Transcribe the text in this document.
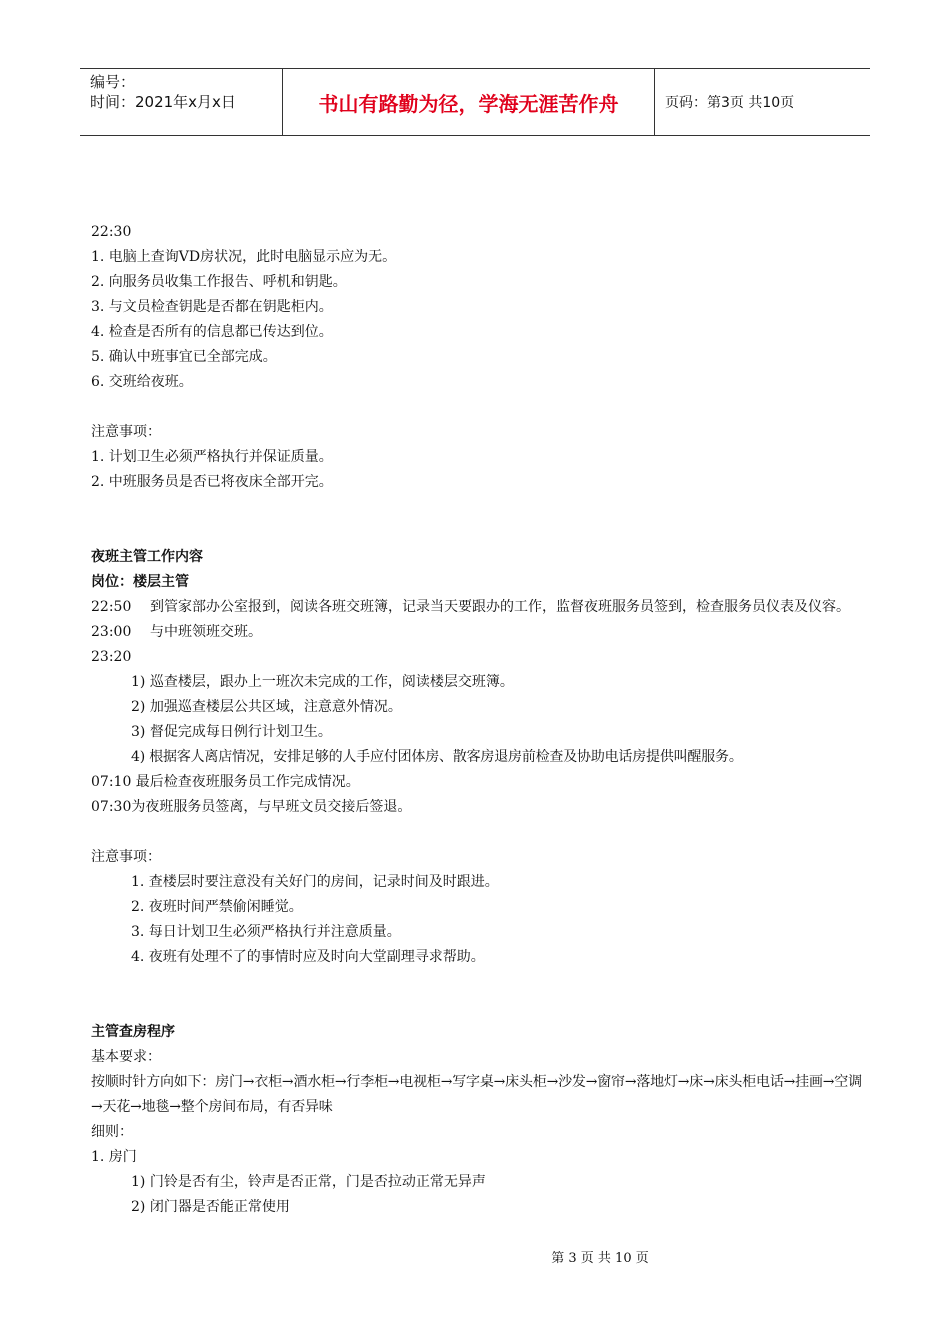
编号：
时间：2021年x月x日	书山有路勤为径，学海无涯苦作舟	页码：第3页 共10页
22:30
1. 电脑上查询VD房状况，此时电脑显示应为无。
2. 向服务员收集工作报告、呼机和钥匙。
3. 与文员检查钥匙是否都在钥匙柜内。
4. 检查是否所有的信息都已传达到位。
5. 确认中班事宜已全部完成。
6. 交班给夜班。
注意事项：
1. 计划卫生必须严格执行并保证质量。
2. 中班服务员是否已将夜床全部开完。
夜班主管工作内容
岗位：楼层主管
22:50	到管家部办公室报到，阅读各班交班簿，记录当天要跟办的工作，监督夜班服务员签到，检查服务员仪表及仪容。
23:00	与中班领班交班。
23:20
1) 巡查楼层，跟办上一班次未完成的工作，阅读楼层交班簿。
2) 加强巡查楼层公共区域，注意意外情况。
3) 督促完成每日例行计划卫生。
4) 根据客人离店情况，安排足够的人手应付团体房、散客房退房前检查及协助电话房提供叫醒服务。
07:10 最后检查夜班服务员工作完成情况。
07:30为夜班服务员签离，与早班文员交接后签退。
注意事项：
1. 查楼层时要注意没有关好门的房间，记录时间及时跟进。
2. 夜班时间严禁偷闲睡觉。
3. 每日计划卫生必须严格执行并注意质量。
4. 夜班有处理不了的事情时应及时向大堂副理寻求帮助。
主管查房程序
基本要求：
按顺时针方向如下：房门→衣柜→酒水柜→行李柜→电视柜→写字桌→床头柜→沙发→窗帘→落地灯→床→床头柜电话→挂画→空调→天花→地毯→整个房间布局，有否异味
细则：
1. 房门
1) 门铃是否有尘，铃声是否正常，门是否拉动正常无异声
2) 闭门器是否能正常使用
第 3 页 共 10 页
